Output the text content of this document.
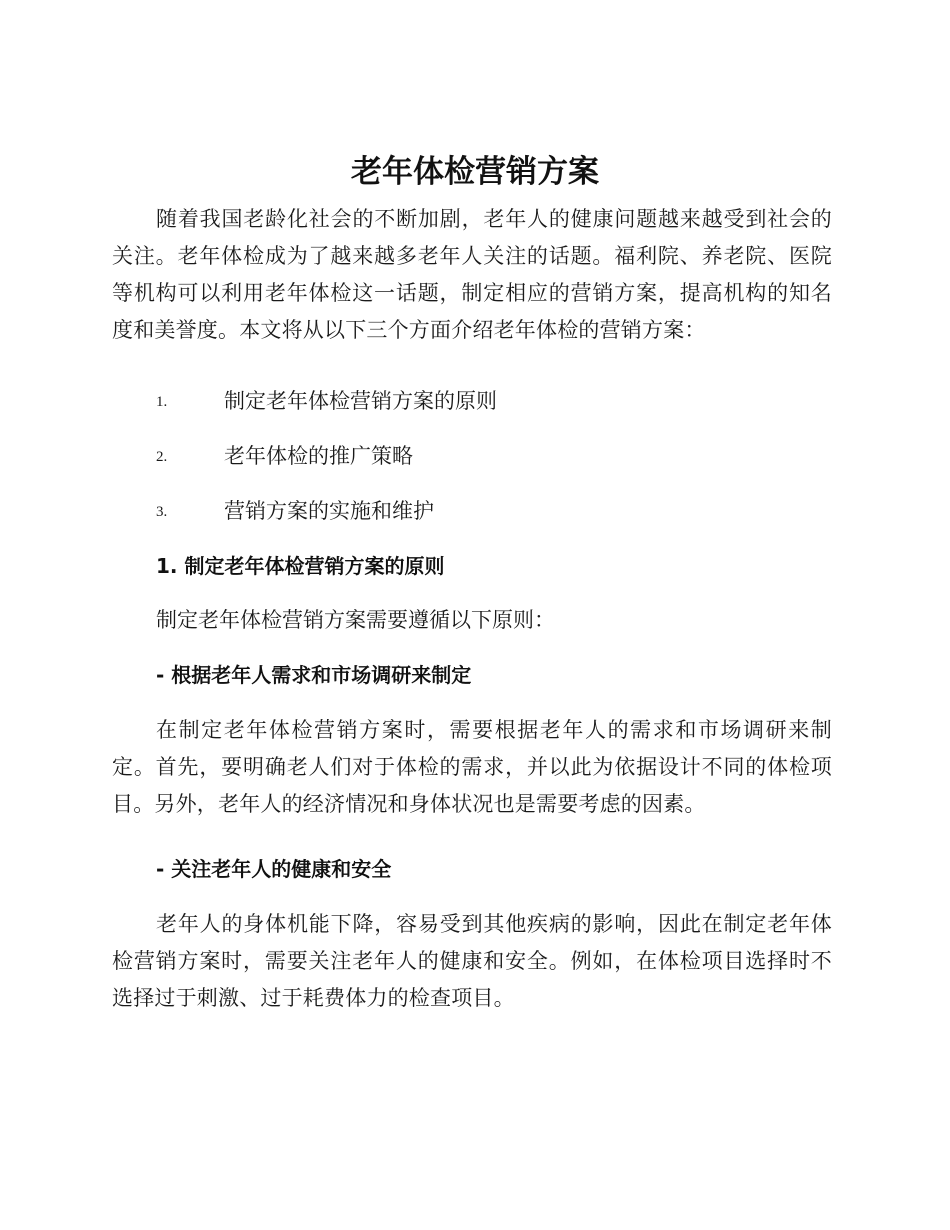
老年体检营销方案

随着我国老龄化社会的不断加剧，老年人的健康问题越来越受到社会的关注。老年体检成为了越来越多老年人关注的话题。福利院、养老院、医院等机构可以利用老年体检这一话题，制定相应的营销方案，提高机构的知名度和美誉度。本文将从以下三个方面介绍老年体检的营销方案：

1.	制定老年体检营销方案的原则
2.	老年体检的推广策略
3.	营销方案的实施和维护
1. 制定老年体检营销方案的原则

制定老年体检营销方案需要遵循以下原则：

- 根据老年人需求和市场调研来制定

在制定老年体检营销方案时，需要根据老年人的需求和市场调研来制定。首先，要明确老人们对于体检的需求，并以此为依据设计不同的体检项目。另外，老年人的经济情况和身体状况也是需要考虑的因素。

- 关注老年人的健康和安全

老年人的身体机能下降，容易受到其他疾病的影响，因此在制定老年体检营销方案时，需要关注老年人的健康和安全。例如，在体检项目选择时不选择过于刺激、过于耗费体力的检查项目。
